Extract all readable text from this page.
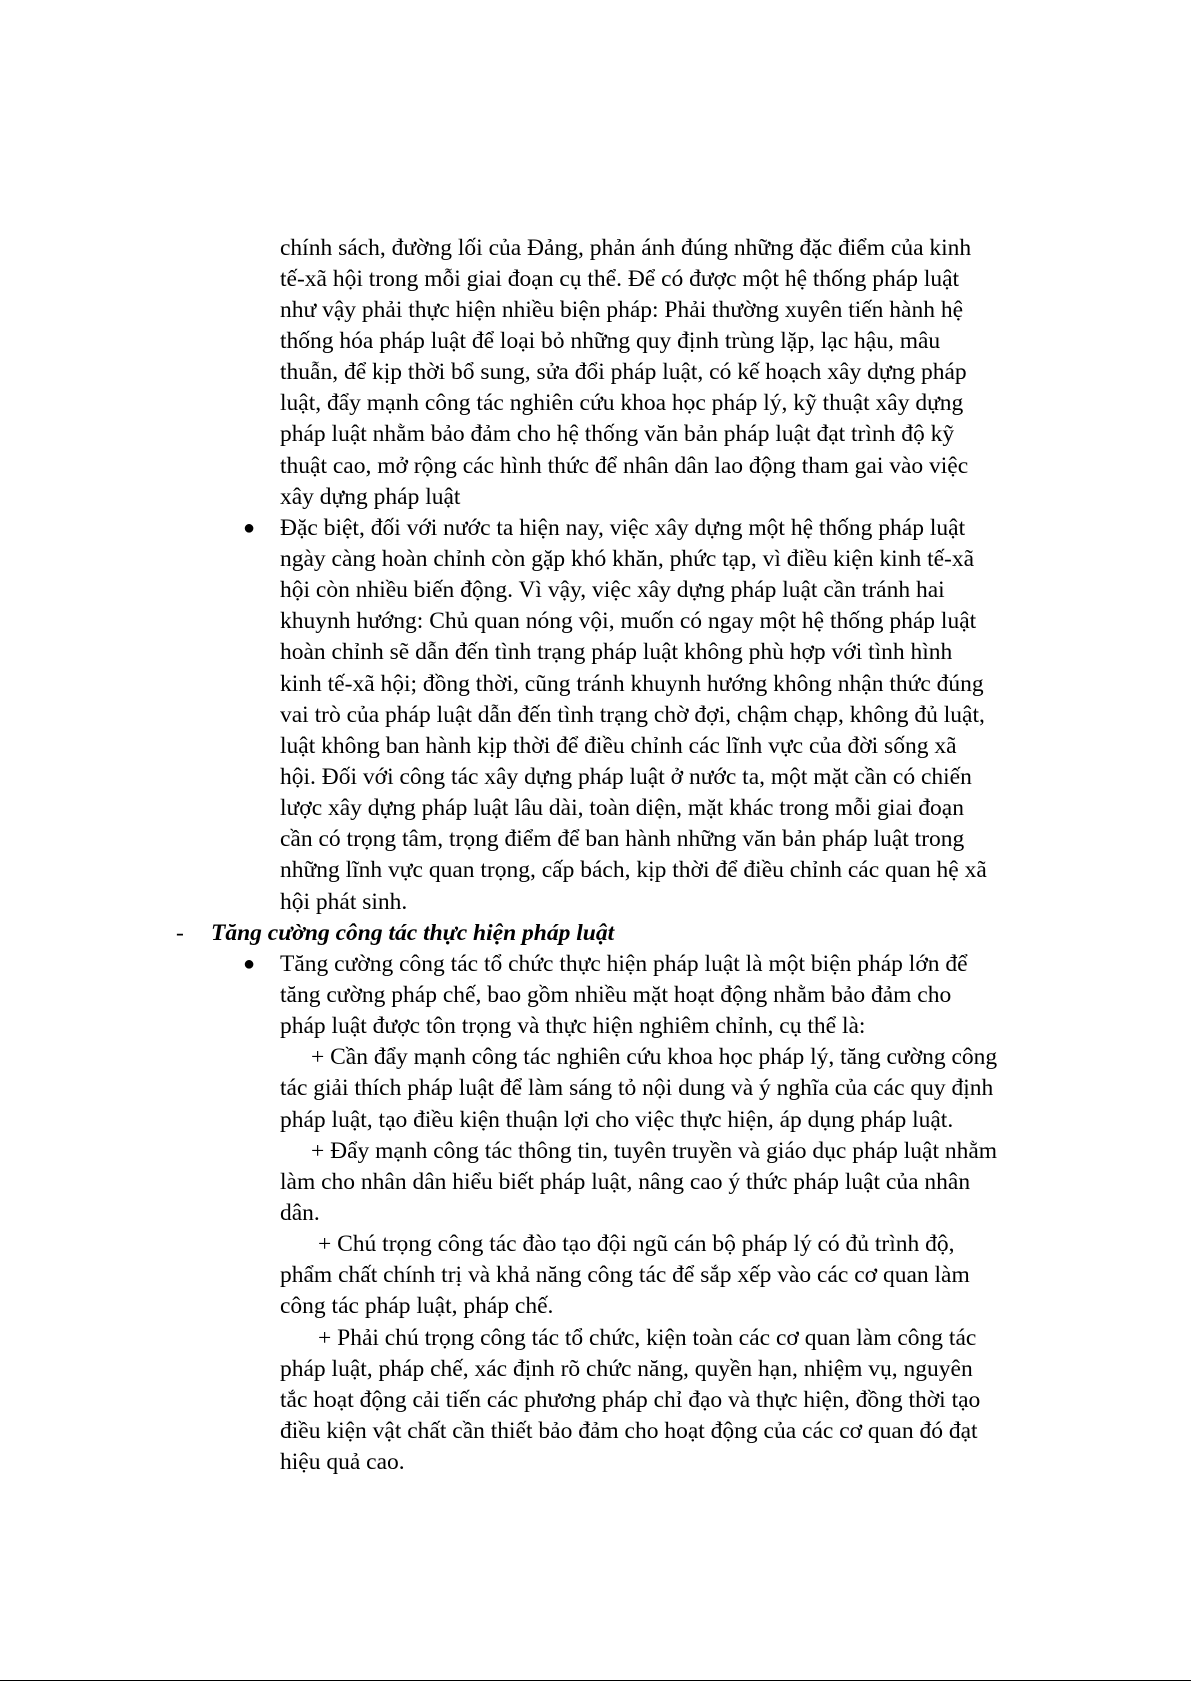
chính sách, đường lối của Đảng, phản ánh đúng những đặc điểm của kinh
tế-xã hội trong mỗi giai đoạn cụ thể. Để có được một hệ thống pháp luật
như vậy phải thực hiện nhiều biện pháp: Phải thường xuyên tiến hành hệ
thống hóa pháp luật để loại bỏ những quy định trùng lặp, lạc hậu, mâu
thuẫn, để kịp thời bổ sung, sửa đổi pháp luật, có kế hoạch xây dựng pháp
luật, đẩy mạnh công tác nghiên cứu khoa học pháp lý, kỹ thuật xây dựng
pháp luật nhằm bảo đảm cho hệ thống văn bản pháp luật đạt trình độ kỹ
thuật cao, mở rộng các hình thức để nhân dân lao động tham gai vào việc
xây dựng pháp luật
● Đặc biệt, đối với nước ta hiện nay, việc xây dựng một hệ thống pháp luật
ngày càng hoàn chỉnh còn gặp khó khăn, phức tạp, vì điều kiện kinh tế-xã
hội còn nhiều biến động. Vì vậy, việc xây dựng pháp luật cần tránh hai
khuynh hướng: Chủ quan nóng vội, muốn có ngay một hệ thống pháp luật
hoàn chỉnh sẽ dẫn đến tình trạng pháp luật không phù hợp với tình hình
kinh tế-xã hội; đồng thời, cũng tránh khuynh hướng không nhận thức đúng
vai trò của pháp luật dẫn đến tình trạng chờ đợi, chậm chạp, không đủ luật,
luật không ban hành kịp thời để điều chỉnh các lĩnh vực của đời sống xã
hội. Đối với công tác xây dựng pháp luật ở nước ta, một mặt cần có chiến
lược xây dựng pháp luật lâu dài, toàn diện, mặt khác trong mỗi giai đoạn
cần có trọng tâm, trọng điểm để ban hành những văn bản pháp luật trong
những lĩnh vực quan trọng, cấp bách, kịp thời để điều chỉnh các quan hệ xã
hội phát sinh.
- Tăng cường công tác thực hiện pháp luật
● Tăng cường công tác tổ chức thực hiện pháp luật là một biện pháp lớn để
tăng cường pháp chế, bao gồm nhiều mặt hoạt động nhằm bảo đảm cho
pháp luật được tôn trọng và thực hiện nghiêm chỉnh, cụ thể là:
+ Cần đẩy mạnh công tác nghiên cứu khoa học pháp lý, tăng cường công
tác giải thích pháp luật để làm sáng tỏ nội dung và ý nghĩa của các quy định
pháp luật, tạo điều kiện thuận lợi cho việc thực hiện, áp dụng pháp luật.
+ Đẩy mạnh công tác thông tin, tuyên truyền và giáo dục pháp luật nhằm
làm cho nhân dân hiểu biết pháp luật, nâng cao ý thức pháp luật của nhân
dân.
+ Chú trọng công tác đào tạo đội ngũ cán bộ pháp lý có đủ trình độ,
phẩm chất chính trị và khả năng công tác để sắp xếp vào các cơ quan làm
công tác pháp luật, pháp chế.
+ Phải chú trọng công tác tổ chức, kiện toàn các cơ quan làm công tác
pháp luật, pháp chế, xác định rõ chức năng, quyền hạn, nhiệm vụ, nguyên
tắc hoạt động cải tiến các phương pháp chỉ đạo và thực hiện, đồng thời tạo
điều kiện vật chất cần thiết bảo đảm cho hoạt động của các cơ quan đó đạt
hiệu quả cao.
